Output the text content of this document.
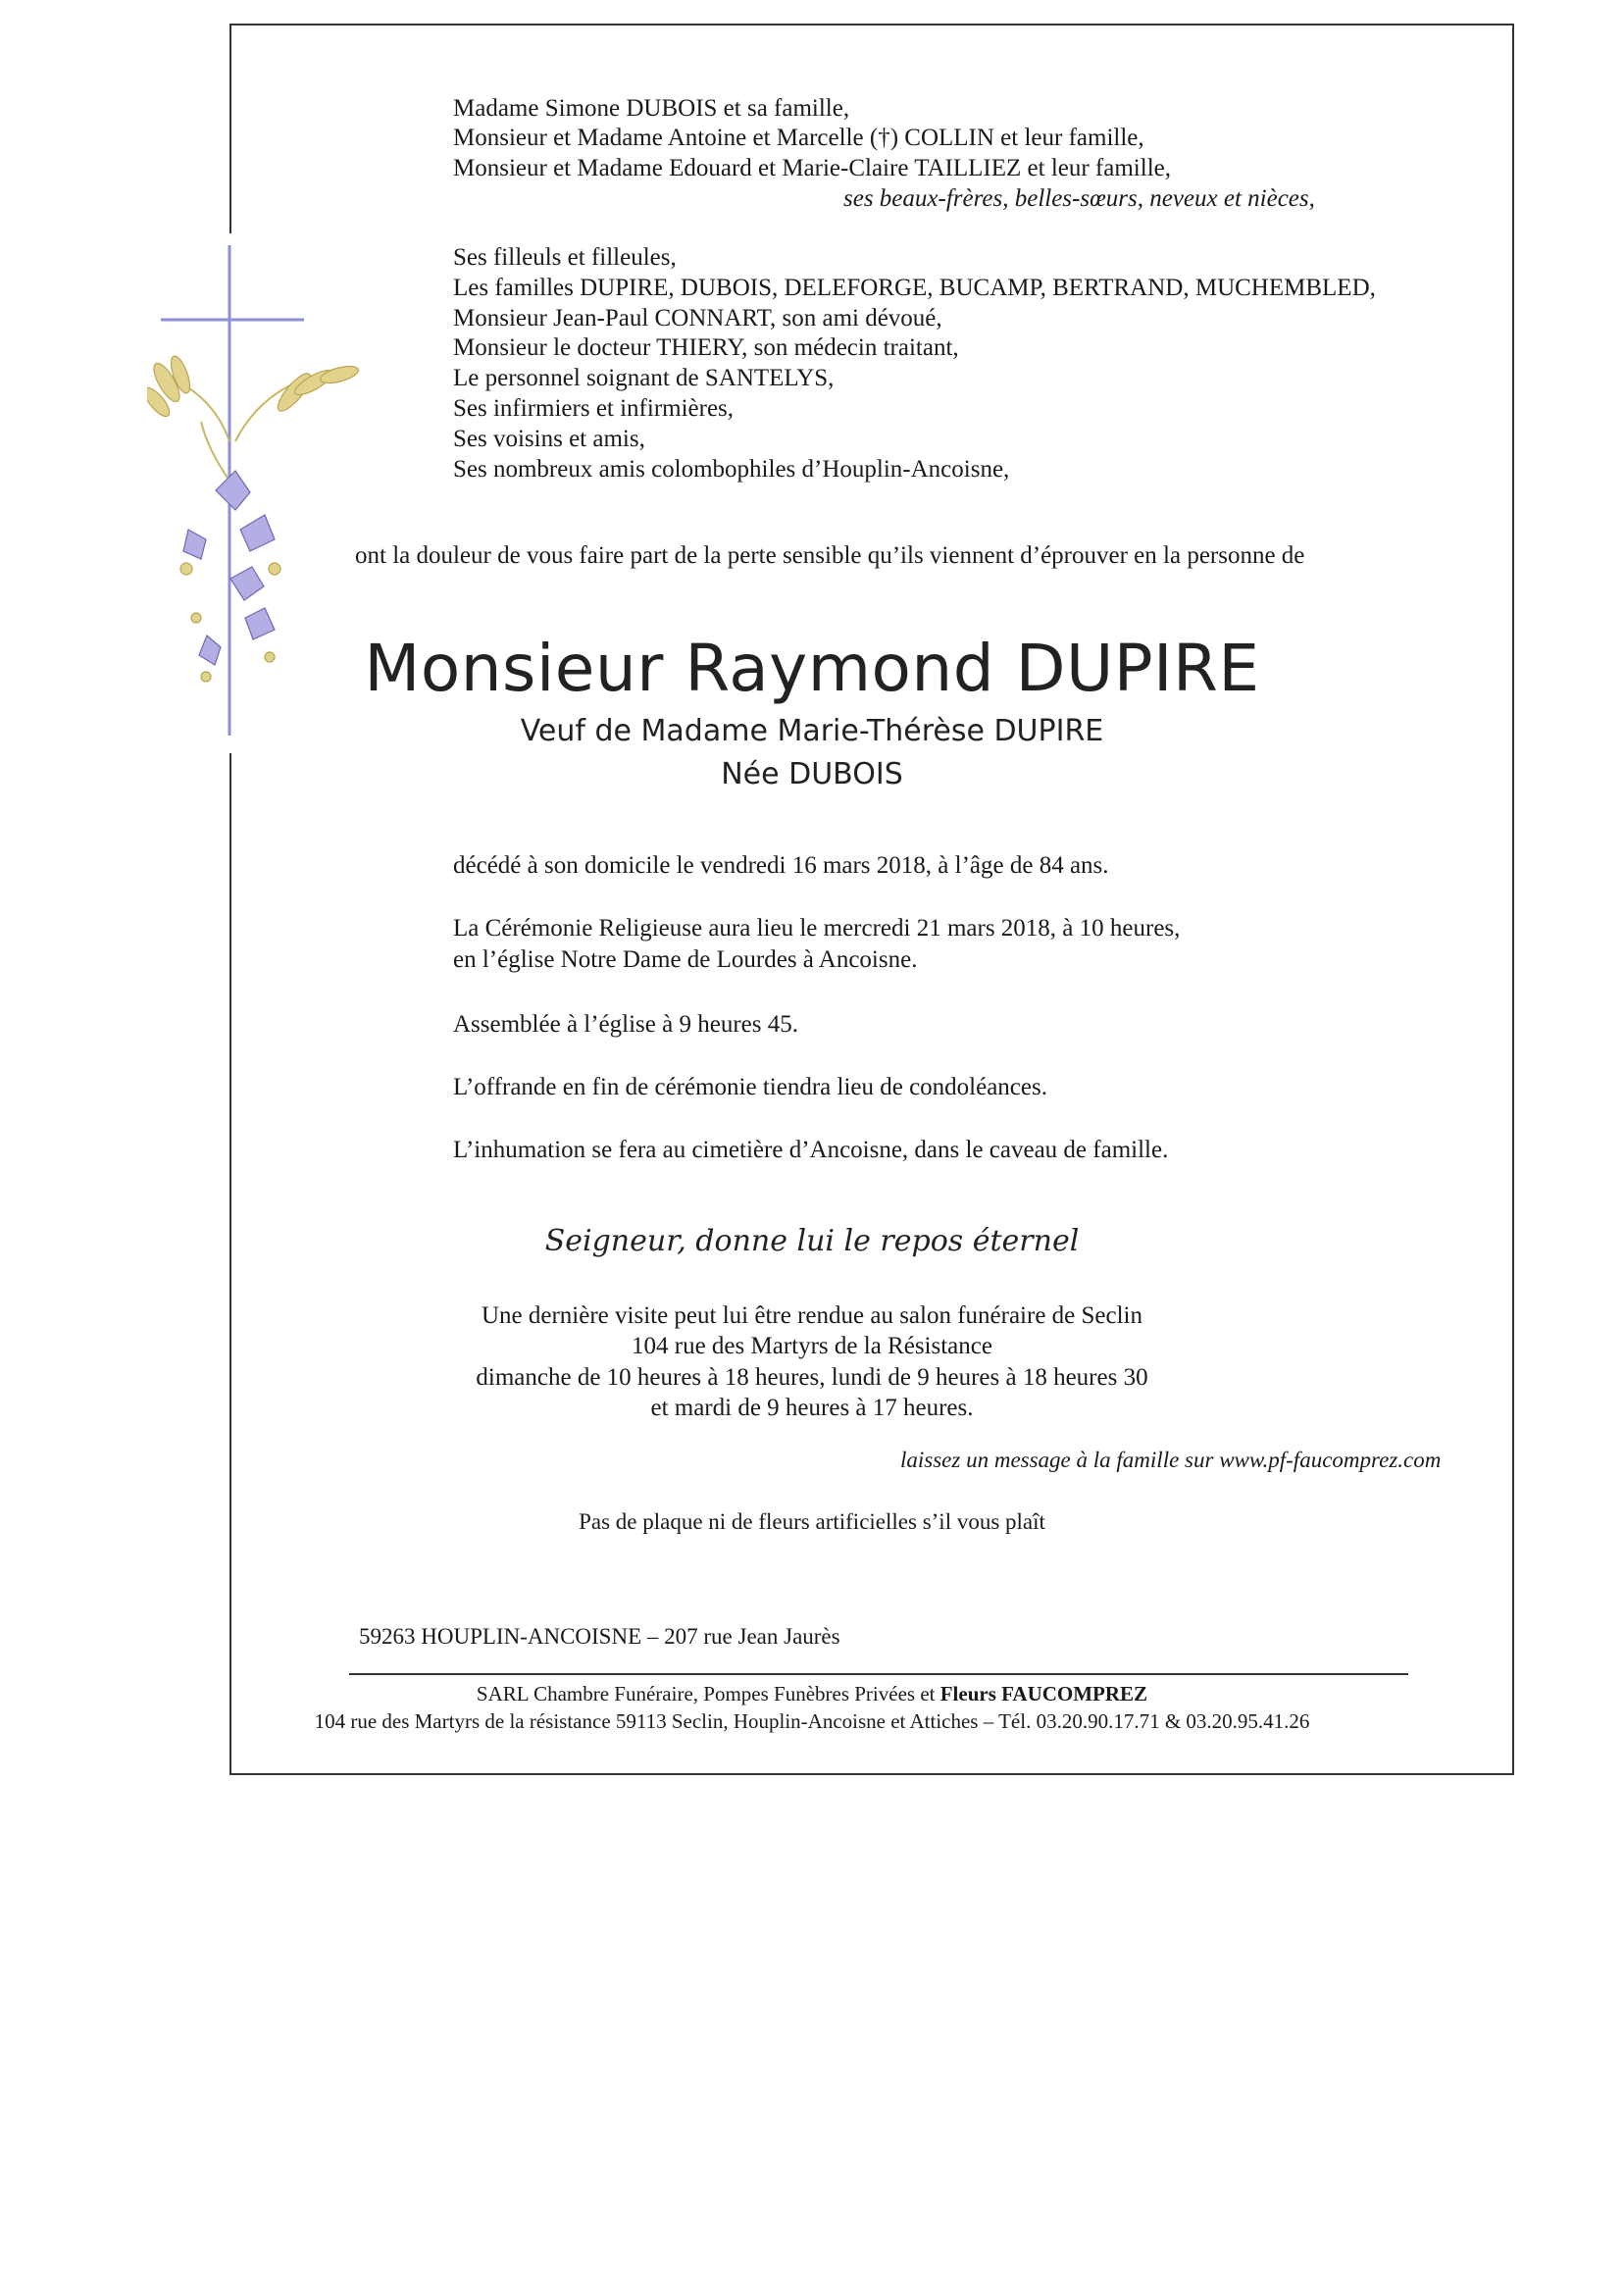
Madame Simone DUBOIS et sa famille,
Monsieur et Madame Antoine et Marcelle (†) COLLIN et leur famille,
Monsieur et Madame Edouard et Marie-Claire TAILLIEZ et leur famille,
ses beaux-frères, belles-sœurs, neveux et nièces,
Ses filleuls et filleules,
Les familles DUPIRE, DUBOIS, DELEFORGE, BUCAMP, BERTRAND, MUCHEMBLED,
Monsieur Jean-Paul CONNART, son ami dévoué,
Monsieur le docteur THIERY, son médecin traitant,
Le personnel soignant de SANTELYS,
Ses infirmiers et infirmières,
Ses voisins et amis,
Ses nombreux amis colombophiles d’Houplin-Ancoisne,
ont la douleur de vous faire part de la perte sensible qu’ils viennent d’éprouver en la personne de
Monsieur Raymond DUPIRE
Veuf de Madame Marie-Thérèse DUPIRE
Née DUBOIS
décédé à son domicile le vendredi 16 mars 2018, à l’âge de 84 ans.
La Cérémonie Religieuse aura lieu le mercredi 21 mars 2018, à 10 heures,
en l’église Notre Dame de Lourdes à Ancoisne.
Assemblée à l’église à 9 heures 45.
L’offrande en fin de cérémonie tiendra lieu de condoléances.
L’inhumation se fera au cimetière d’Ancoisne, dans le caveau de famille.
Seigneur, donne lui le repos éternel
Une dernière visite peut lui être rendue au salon funéraire de Seclin
104 rue des Martyrs de la Résistance
dimanche de 10 heures à 18 heures, lundi de 9 heures à 18 heures 30
et mardi de 9 heures à 17 heures.
laissez un message à la famille sur www.pf-faucomprez.com
Pas de plaque ni de fleurs artificielles s’il vous plaît
59263 HOUPLIN-ANCOISNE – 207 rue Jean Jaurès
SARL Chambre Funéraire, Pompes Funèbres Privées et Fleurs FAUCOMPREZ
104 rue des Martyrs de la résistance 59113 Seclin, Houplin-Ancoisne et Attiches – Tél. 03.20.90.17.71 & 03.20.95.41.26
